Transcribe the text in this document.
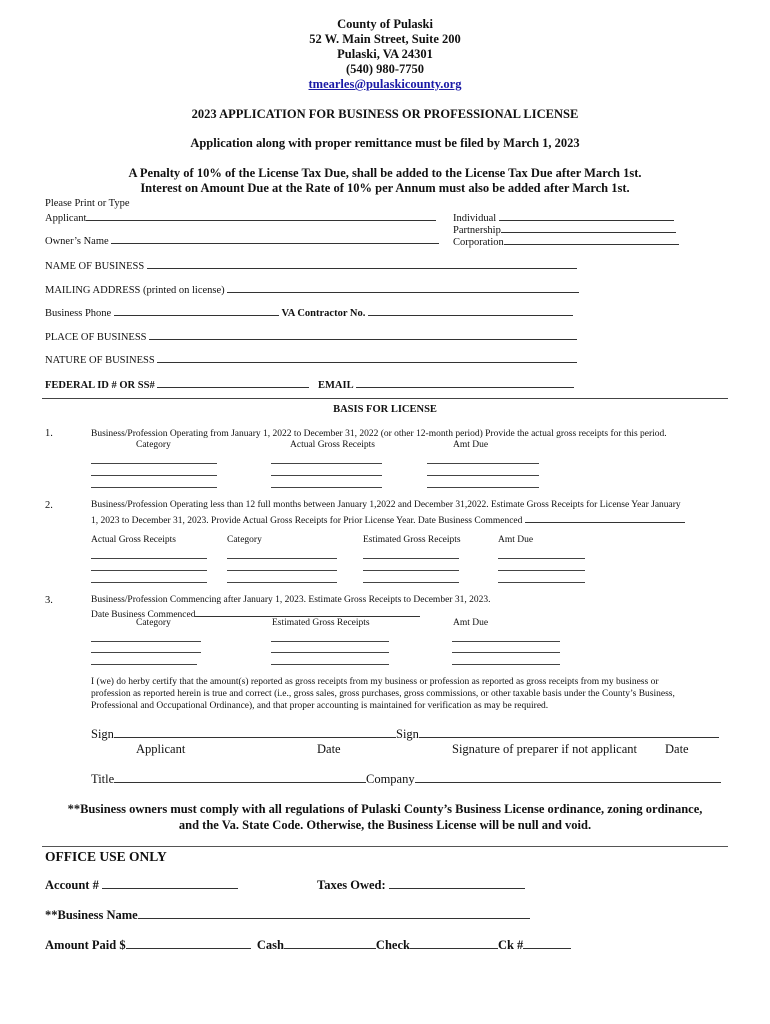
County of Pulaski
52 W. Main Street, Suite 200
Pulaski, VA 24301
(540) 980-7750
tmearles@pulaskicounty.org
2023 APPLICATION FOR BUSINESS OR PROFESSIONAL LICENSE
Application along with proper remittance must be filed by March 1, 2023
A Penalty of 10% of the License Tax Due, shall be added to the License Tax Due after March 1st.
Interest on Amount Due at the Rate of 10% per Annum must also be added after March 1st.
Please Print or Type
Applicant
Owner’s Name
Individual
Partnership
Corporation
NAME OF BUSINESS
MAILING ADDRESS (printed on license)
Business Phone	VA Contractor No.
PLACE OF BUSINESS
NATURE OF BUSINESS
FEDERAL ID # OR SS#	EMAIL
BASIS FOR LICENSE
1.	Business/Profession Operating from January 1, 2022 to December 31, 2022 (or other 12-month period) Provide the actual gross receipts for this period.
Category	Actual Gross Receipts	Amt Due
2.	Business/Profession Operating less than 12 full months between January 1,2022 and December 31,2022. Estimate Gross Receipts for License Year January
1, 2023 to December 31, 2023. Provide Actual Gross Receipts for Prior License Year. Date Business Commenced
Actual Gross Receipts	Category	Estimated Gross Receipts	Amt Due
3.	Business/Profession Commencing after January 1, 2023. Estimate Gross Receipts to December 31, 2023.
Date Business Commenced
Category	Estimated Gross Receipts	Amt Due
I (we) do herby certify that the amount(s) reported as gross receipts from my business or profession as reported as gross receipts from my business or
profession as reported herein is true and correct (i.e., gross sales, gross purchases, gross commissions, or other taxable basis under the County’s Business,
Professional and Occupational Ordinance), and that proper accounting is maintained for verification as may be required.
Sign	Sign
Applicant	Date	Signature of preparer if not applicant Date
Title	Company
**Business owners must comply with all regulations of Pulaski County’s Business License ordinance, zoning ordinance,
and the Va. State Code. Otherwise, the Business License will be null and void.
OFFICE USE ONLY
Account #	Taxes Owed:
**Business Name
Amount Paid $	Cash	Check	Ck #
